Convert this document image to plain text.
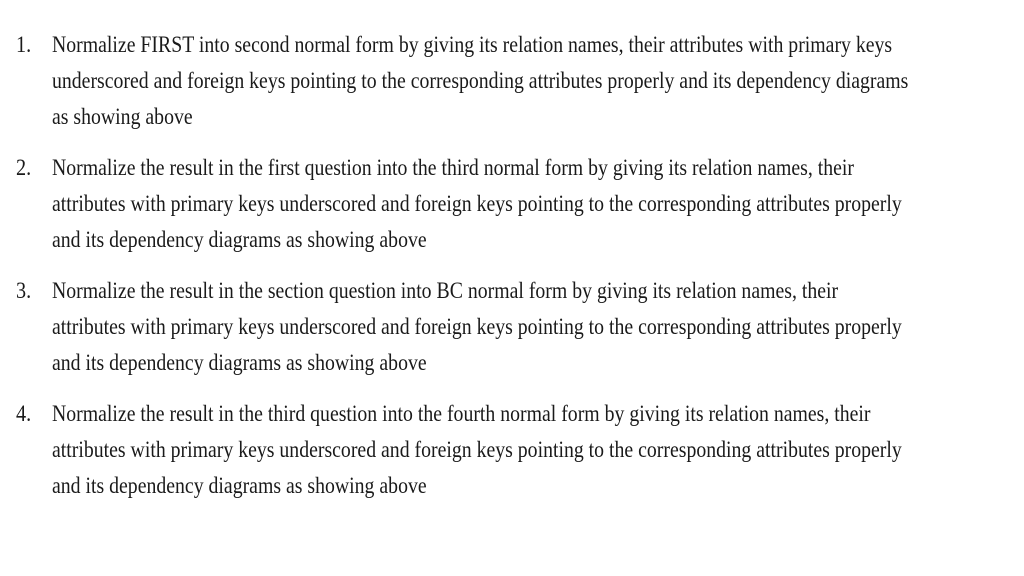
1. Normalize FIRST into second normal form by giving its relation names, their attributes with primary keys
underscored and foreign keys pointing to the corresponding attributes properly and its dependency diagrams
as showing above
2. Normalize the result in the first question into the third normal form by giving its relation names, their
attributes with primary keys underscored and foreign keys pointing to the corresponding attributes properly
and its dependency diagrams as showing above
3. Normalize the result in the section question into BC normal form by giving its relation names, their
attributes with primary keys underscored and foreign keys pointing to the corresponding attributes properly
and its dependency diagrams as showing above
4. Normalize the result in the third question into the fourth normal form by giving its relation names, their
attributes with primary keys underscored and foreign keys pointing to the corresponding attributes properly
and its dependency diagrams as showing above
